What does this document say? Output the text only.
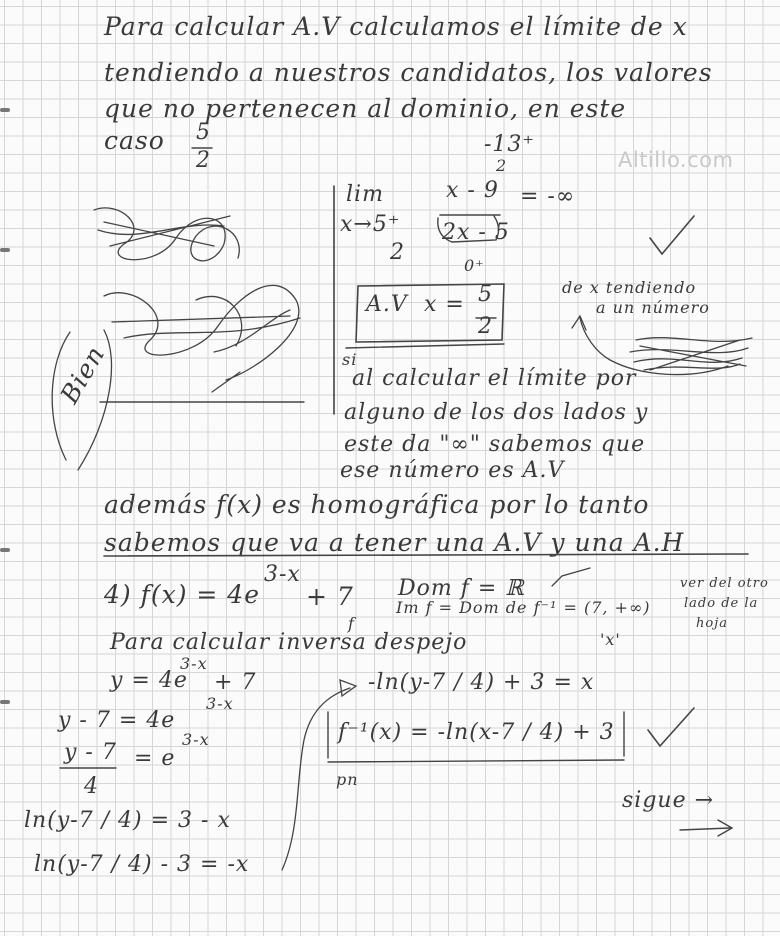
Altillo.com
Para calcular A.V calculamos el límite de x
tendiendo a nuestros candidatos, los valores
que no pertenecen al dominio, en este
caso 5
2
-13⁺
2
lim
x→5⁺
2
x - 9
2x - 5
= -∞
0⁺
A.V x = 5
2
de x tendiendo
a un número
si
al calcular el límite por
alguno de los dos lados y
este da "∞" sabemos que
ese número es A.V
además f(x) es homográfica por lo tanto
sabemos que va a tener una A.V y una A.H
4) f(x) = 4e
3-x
+ 7 Dom f = ℝ
Im f = Dom de f⁻¹ = (7, +∞)
ver del otro
lado de la
hoja
Para calcular inversa despejo
f
'x'
y = 4e
3-x
+ 7
y - 7 = 4e
3-x
y - 7
4
= e
3-x
ln(y-7 / 4) = 3 - x
ln(y-7 / 4) - 3 = -x
-ln(y-7 / 4) + 3 = x
f⁻¹(x) = -ln(x-7 / 4) + 3
pn
Bien
sigue →
